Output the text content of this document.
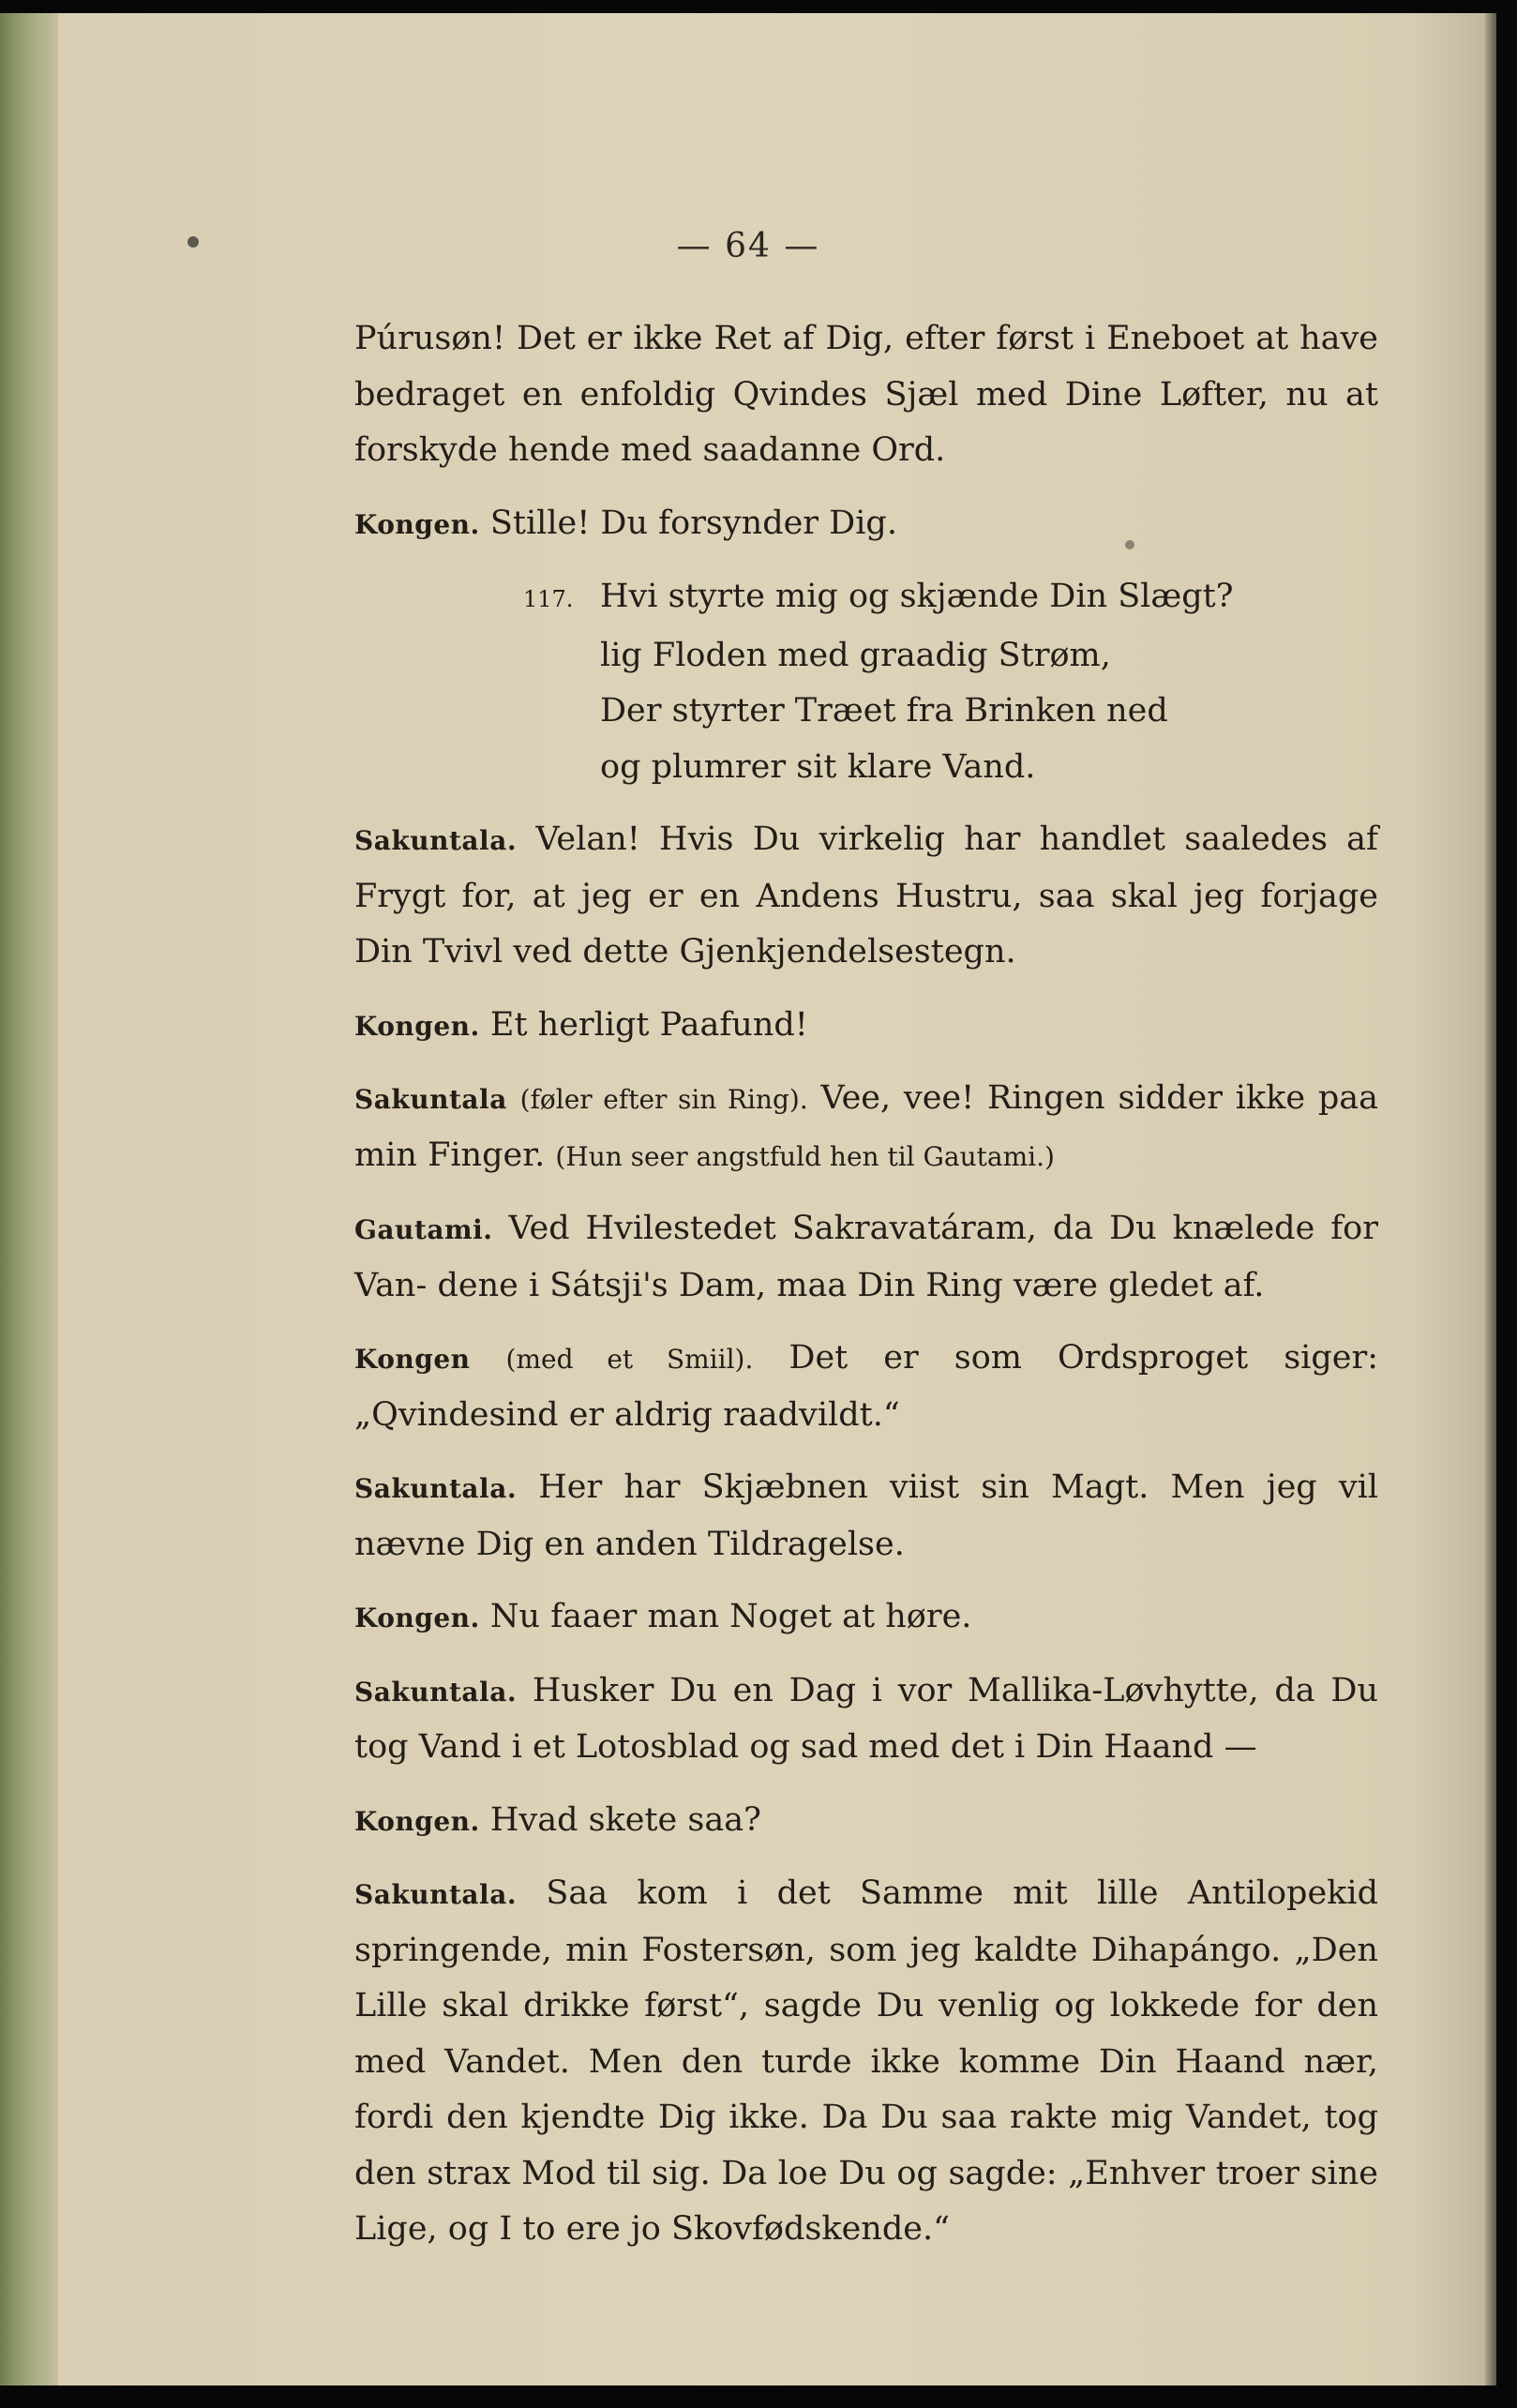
— 64 —

Púrusøn! Det er ikke Ret af Dig, efter først i Eneboet at have bedraget en enfoldig Qvindes Sjæl med Dine Løfter, nu at forskyde hende med saadanne Ord.

Kongen. Stille! Du forsynder Dig.

117. Hvi styrte mig og skjænde Din Slægt?
lig Floden med graadig Strøm,
Der styrter Træet fra Brinken ned
og plumrer sit klare Vand.

Sakuntala. Velan! Hvis Du virkelig har handlet saaledes af Frygt for, at jeg er en Andens Hustru, saa skal jeg forjage Din Tvivl ved dette Gjenkjendelsestegn.

Kongen. Et herligt Paafund!

Sakuntala (føler efter sin Ring). Vee, vee! Ringen sidder ikke paa min Finger. (Hun seer angstfuld hen til Gautami.)

Gautami. Ved Hvilestedet Sakravatáram, da Du knælede for Van- dene i Sátsji's Dam, maa Din Ring være gledet af.

Kongen (med et Smiil). Det er som Ordsproget siger: „Qvindesind er aldrig raadvildt.“

Sakuntala. Her har Skjæbnen viist sin Magt. Men jeg vil nævne Dig en anden Tildragelse.

Kongen. Nu faaer man Noget at høre.

Sakuntala. Husker Du en Dag i vor Mallika-Løvhytte, da Du tog Vand i et Lotosblad og sad med det i Din Haand —

Kongen. Hvad skete saa?

Sakuntala. Saa kom i det Samme mit lille Antilopekid springende, min Fostersøn, som jeg kaldte Dihapángo. „Den Lille skal drikke først“, sagde Du venlig og lokkede for den med Vandet. Men den turde ikke komme Din Haand nær, fordi den kjendte Dig ikke. Da Du saa rakte mig Vandet, tog den strax Mod til sig. Da loe Du og sagde: „Enhver troer sine Lige, og I to ere jo Skovfødskende.“
